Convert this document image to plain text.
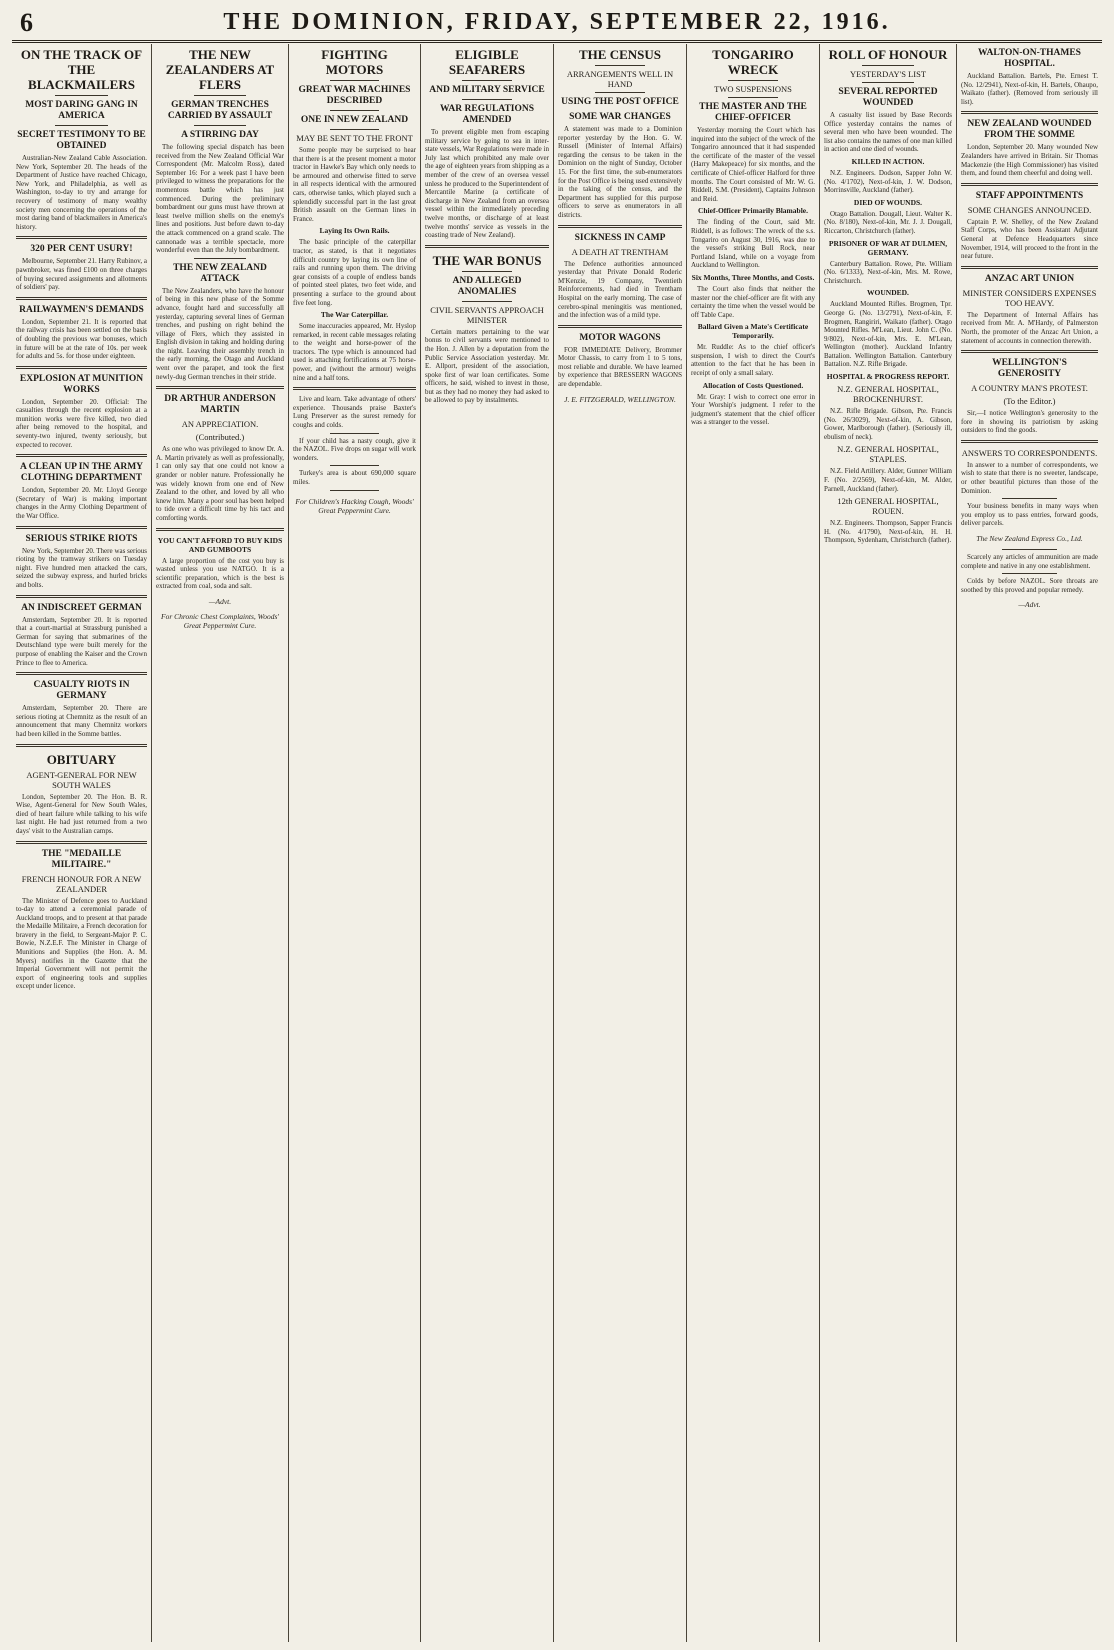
6	THE DOMINION, FRIDAY, SEPTEMBER 22, 1916.
ON THE TRACK OF THE BLACKMAILERS
MOST DARING GANG IN AMERICA
SECRET TESTIMONY TO BE OBTAINED

Australian-New Zealand Cable Association. New York, September 20. The heads of the Department of Justice have reached Chicago, New York, and Philadelphia, as well as Washington, to-day to try and arrange for recovery of testimony of many wealthy society men concerning the operations of the most daring band of blackmailers in America's history.

320 PER CENT USURY!

Melbourne, September 21. Harry Rubinov, a pawnbroker, was fined £100 on three charges of buying secured assignments and allotments of soldiers' pay.

RAILWAYMEN'S DEMANDS

London, September 21. It is reported that the railway crisis has been settled on the basis of doubling the previous war bonuses, which in future will be at the rate of 10s. per week for adults and 5s. for those under eighteen.

EXPLOSION AT MUNITION WORKS

London, September 20. Official: The casualties through the recent explosion at a munition works were five killed, two died after being removed to the hospital, and seventy-two injured, twenty seriously, but expected to recover.

A CLEAN UP IN THE ARMY CLOTHING DEPARTMENT

London, September 20. Mr. Lloyd George (Secretary of War) is making important changes in the Army Clothing Department of the War Office.

SERIOUS STRIKE RIOTS

New York, September 20. There was serious rioting by the tramway strikers on Tuesday night. Five hundred men attacked the cars, seized the subway express, and hurled bricks and bolts.

AN INDISCREET GERMAN

Amsterdam, September 20. It is reported that a court-martial at Strassburg punished a German for saying that submarines of the Deutschland type were built merely for the purpose of enabling the Kaiser and the Crown Prince to flee to America.

CASUALTY RIOTS IN GERMANY

Amsterdam, September 20. There are serious rioting at Chemnitz as the result of an announcement that many Chemnitz workers had been killed in the Somme battles.

OBITUARY
AGENT-GENERAL FOR NEW SOUTH WALES

London, September 20. The Hon. B. R. Wise, Agent-General for New South Wales, died of heart failure while talking to his wife last night. He had just returned from a two days' visit to the Australian camps.

THE "MEDAILLE MILITAIRE."
FRENCH HONOUR FOR A NEW ZEALANDER

The Minister of Defence goes to Auckland to-day to attend a ceremonial parade of Auckland troops, and to present at that parade the Medaille Militaire, a French decoration for bravery in the field, to Sergeant-Major P. C. Bowie, N.Z.E.F. The Minister in Charge of Munitions and Supplies (the Hon. A. M. Myers) notifies in the Gazette that the Imperial Government will not permit the export of engineering tools and supplies except under licence.

THE NEW ZEALANDERS AT FLERS
GERMAN TRENCHES CARRIED BY ASSAULT
A STIRRING DAY

The following special dispatch has been received from the New Zealand Official War Correspondent (Mr. Malcolm Ross), dated September 16: For a week past I have been privileged to witness the preparations for the momentous battle which has just commenced. During the preliminary bombardment our guns must have thrown at least twelve million shells on the enemy's lines and positions. Just before dawn to-day the attack commenced on a grand scale. The cannonade was a terrible spectacle, more wonderful even than the July bombardment.

THE NEW ZEALAND ATTACK

The New Zealanders, who have the honour of being in this new phase of the Somme advance, fought hard and successfully all yesterday, capturing several lines of German trenches, and pushing on right behind the village of Flers, which they assisted in English division in taking and holding during the night. Leaving their assembly trench in the early morning, the Otago and Auckland went over the parapet, and took the first newly-dug German trenches in their stride.

DR ARTHUR ANDERSON MARTIN
AN APPRECIATION.
(Contributed.)

As one who was privileged to know Dr. A. A. Martin privately as well as professionally, I can only say that one could not know a grander or nobler nature. Professionally he was widely known from one end of New Zealand to the other, and loved by all who knew him. Many a poor soul has been helped to tide over a difficult time by his tact and comforting words.

YOU CAN'T AFFORD TO BUY KIDS AND GUMBOOTS

A large proportion of the cost you buy is wasted unless you use NATGO. It is a scientific preparation, which is the best is extracted from coal, soda and salt.

—Advt.
For Chronic Chest Complaints, Woods' Great Peppermint Cure.
FIGHTING MOTORS
GREAT WAR MACHINES DESCRIBED
ONE IN NEW ZEALAND
MAY BE SENT TO THE FRONT

Some people may be surprised to hear that there is at the present moment a motor tractor in Hawke's Bay which only needs to be armoured and otherwise fitted to serve in all respects identical with the armoured cars, otherwise tanks, which played such a splendidly successful part in the last great British assault on the German lines in France.

Laying Its Own Rails.

The basic principle of the caterpillar tractor, as stated, is that it negotiates difficult country by laying its own line of rails and running upon them. The driving gear consists of a couple of endless bands of pointed steel plates, two feet wide, and presenting a surface to the ground about five feet long.

The War Caterpillar.

Some inaccuracies appeared, Mr. Hyslop remarked, in recent cable messages relating to the weight and horse-power of the tractors. The type which is announced had used is attaching fortifications at 75 horse-power, and (without the armour) weighs nine and a half tons.

Live and learn. Take advantage of others' experience. Thousands praise Baxter's Lung Preserver as the surest remedy for coughs and colds.

If your child has a nasty cough, give it the NAZOL. Five drops on sugar will work wonders.

Turkey's area is about 690,000 square miles.

For Children's Hacking Cough, Woods' Great Peppermint Cure.
ELIGIBLE SEAFARERS
AND MILITARY SERVICE
WAR REGULATIONS AMENDED

To prevent eligible men from escaping military service by going to sea in inter-state vessels, War Regulations were made in July last which prohibited any male over the age of eighteen years from shipping as a member of the crew of an oversea vessel unless he produced to the Superintendent of Mercantile Marine (a certificate of discharge in New Zealand from an oversea vessel within the immediately preceding twelve months, or discharge of at least twelve months' service as vessels in the coasting trade of New Zealand).

THE WAR BONUS
AND ALLEGED ANOMALIES
CIVIL SERVANTS APPROACH MINISTER

Certain matters pertaining to the war bonus to civil servants were mentioned to the Hon. J. Allen by a deputation from the Public Service Association yesterday. Mr. E. Allport, president of the association, spoke first of war loan certificates. Some officers, he said, wished to invest in those, but as they had no money they had asked to be allowed to pay by instalments.

THE CENSUS
ARRANGEMENTS WELL IN HAND
USING THE POST OFFICE
SOME WAR CHANGES

A statement was made to a Dominion reporter yesterday by the Hon. G. W. Russell (Minister of Internal Affairs) regarding the census to be taken in the Dominion on the night of Sunday, October 15. For the first time, the sub-enumerators for the Post Office is being used extensively in the taking of the census, and the Department has supplied for this purpose officers to serve as enumerators in all districts.

SICKNESS IN CAMP
A DEATH AT TRENTHAM

The Defence authorities announced yesterday that Private Donald Roderic M'Kenzie, 19 Company, Twentieth Reinforcements, had died in Trentham Hospital on the early morning. The case of cerebro-spinal meningitis was mentioned, and the infection was of a mild type.

MOTOR WAGONS

FOR IMMEDIATE Delivery, Brommer Motor Chassis, to carry from 1 to 5 tons, most reliable and durable. We have learned by experience that BRESSERN WAGONS are dependable.

J. E. FITZGERALD, WELLINGTON.
TONGARIRO WRECK
TWO SUSPENSIONS
THE MASTER AND THE CHIEF-OFFICER

Yesterday morning the Court which has inquired into the subject of the wreck of the Tongariro announced that it had suspended the certificate of the master of the vessel (Harry Makepeace) for six months, and the certificate of Chief-officer Halford for three months. The Court consisted of Mr. W. G. Riddell, S.M. (President), Captains Johnson and Reid.

Chief-Officer Primarily Blamable.

The finding of the Court, said Mr. Riddell, is as follows: The wreck of the s.s. Tongariro on August 30, 1916, was due to the vessel's striking Bull Rock, near Portland Island, while on a voyage from Auckland to Wellington.

Six Months, Three Months, and Costs.

The Court also finds that neither the master nor the chief-officer are fit with any certainty the time when the vessel would be off Table Cape.

Ballard Given a Mate's Certificate Temporarily.

Mr. Ruddle: As to the chief officer's suspension, I wish to direct the Court's attention to the fact that he has been in receipt of only a small salary.

Allocation of Costs Questioned.

Mr. Gray: I wish to correct one error in Your Worship's judgment. I refer to the judgment's statement that the chief officer was a stranger to the vessel.

ROLL OF HONOUR
YESTERDAY'S LIST
SEVERAL REPORTED WOUNDED

A casualty list issued by Base Records Office yesterday contains the names of several men who have been wounded. The list also contains the names of one man killed in action and one died of wounds.

KILLED IN ACTION.

N.Z. Engineers. Dodson, Sapper John W. (No. 4/1702), Next-of-kin, J. W. Dodson, Morrinsville, Auckland (father).

DIED OF WOUNDS.

Otago Battalion. Dougall, Lieut. Walter K. (No. 8/180), Next-of-kin, Mr. J. J. Dougall, Riccarton, Christchurch (father).

PRISONER OF WAR AT DULMEN, GERMANY.

Canterbury Battalion. Rowe, Pte. William (No. 6/1333), Next-of-kin, Mrs. M. Rowe, Christchurch.

WOUNDED.

Auckland Mounted Rifles. Brogmen, Tpr. George G. (No. 13/2791), Next-of-kin, F. Brogmen, Rangiriri, Waikato (father). Otago Mounted Rifles. M'Lean, Lieut. John C. (No. 9/802), Next-of-kin, Mrs. E. M'Lean, Wellington (mother). Auckland Infantry Battalion. Wellington Battalion. Canterbury Battalion. N.Z. Rifle Brigade.

HOSPITAL & PROGRESS REPORT.
N.Z. GENERAL HOSPITAL, BROCKENHURST.

N.Z. Rifle Brigade. Gibson, Pte. Francis (No. 26/3029), Next-of-kin, A. Gibson, Gower, Marlborough (father). (Seriously ill, ebulism of neck).

N.Z. GENERAL HOSPITAL, STAPLES.

N.Z. Field Artillery. Alder, Gunner William F. (No. 2/2569), Next-of-kin, M. Alder, Parnell, Auckland (father).

12th GENERAL HOSPITAL, ROUEN.

N.Z. Engineers. Thompson, Sapper Francis H. (No. 4/1790), Next-of-kin, H. H. Thompson, Sydenham, Christchurch (father).

WALTON-ON-THAMES HOSPITAL.

Auckland Battalion. Bartels, Pte. Ernest T. (No. 12/2941), Next-of-kin, H. Bartels, Ohaupo, Waikato (father). (Removed from seriously ill list).

NEW ZEALAND WOUNDED FROM THE SOMME

London, September 20. Many wounded New Zealanders have arrived in Britain. Sir Thomas Mackenzie (the High Commissioner) has visited them, and found them cheerful and doing well.

STAFF APPOINTMENTS
SOME CHANGES ANNOUNCED.

Captain P. W. Shelley, of the New Zealand Staff Corps, who has been Assistant Adjutant General at Defence Headquarters since November, 1914, will proceed to the front in the near future.

ANZAC ART UNION
MINISTER CONSIDERS EXPENSES TOO HEAVY.

The Department of Internal Affairs has received from Mr. A. M'Hardy, of Palmerston North, the promoter of the Anzac Art Union, a statement of accounts in connection therewith.

WELLINGTON'S GENEROSITY
A COUNTRY MAN'S PROTEST.
(To the Editor.)

Sir,—I notice Wellington's generosity to the fore in showing its patriotism by asking outsiders to find the goods.

ANSWERS TO CORRESPONDENTS.

In answer to a number of correspondents, we wish to state that there is no sweeter, landscape, or other beautiful pictures than those of the Dominion.

Your business benefits in many ways when you employ us to pass entries, forward goods, deliver parcels.

The New Zealand Express Co., Ltd.

Scarcely any articles of ammunition are made complete and native in any one establishment.

Colds by before NAZOL. Sore throats are soothed by this proved and popular remedy.

—Advt.
